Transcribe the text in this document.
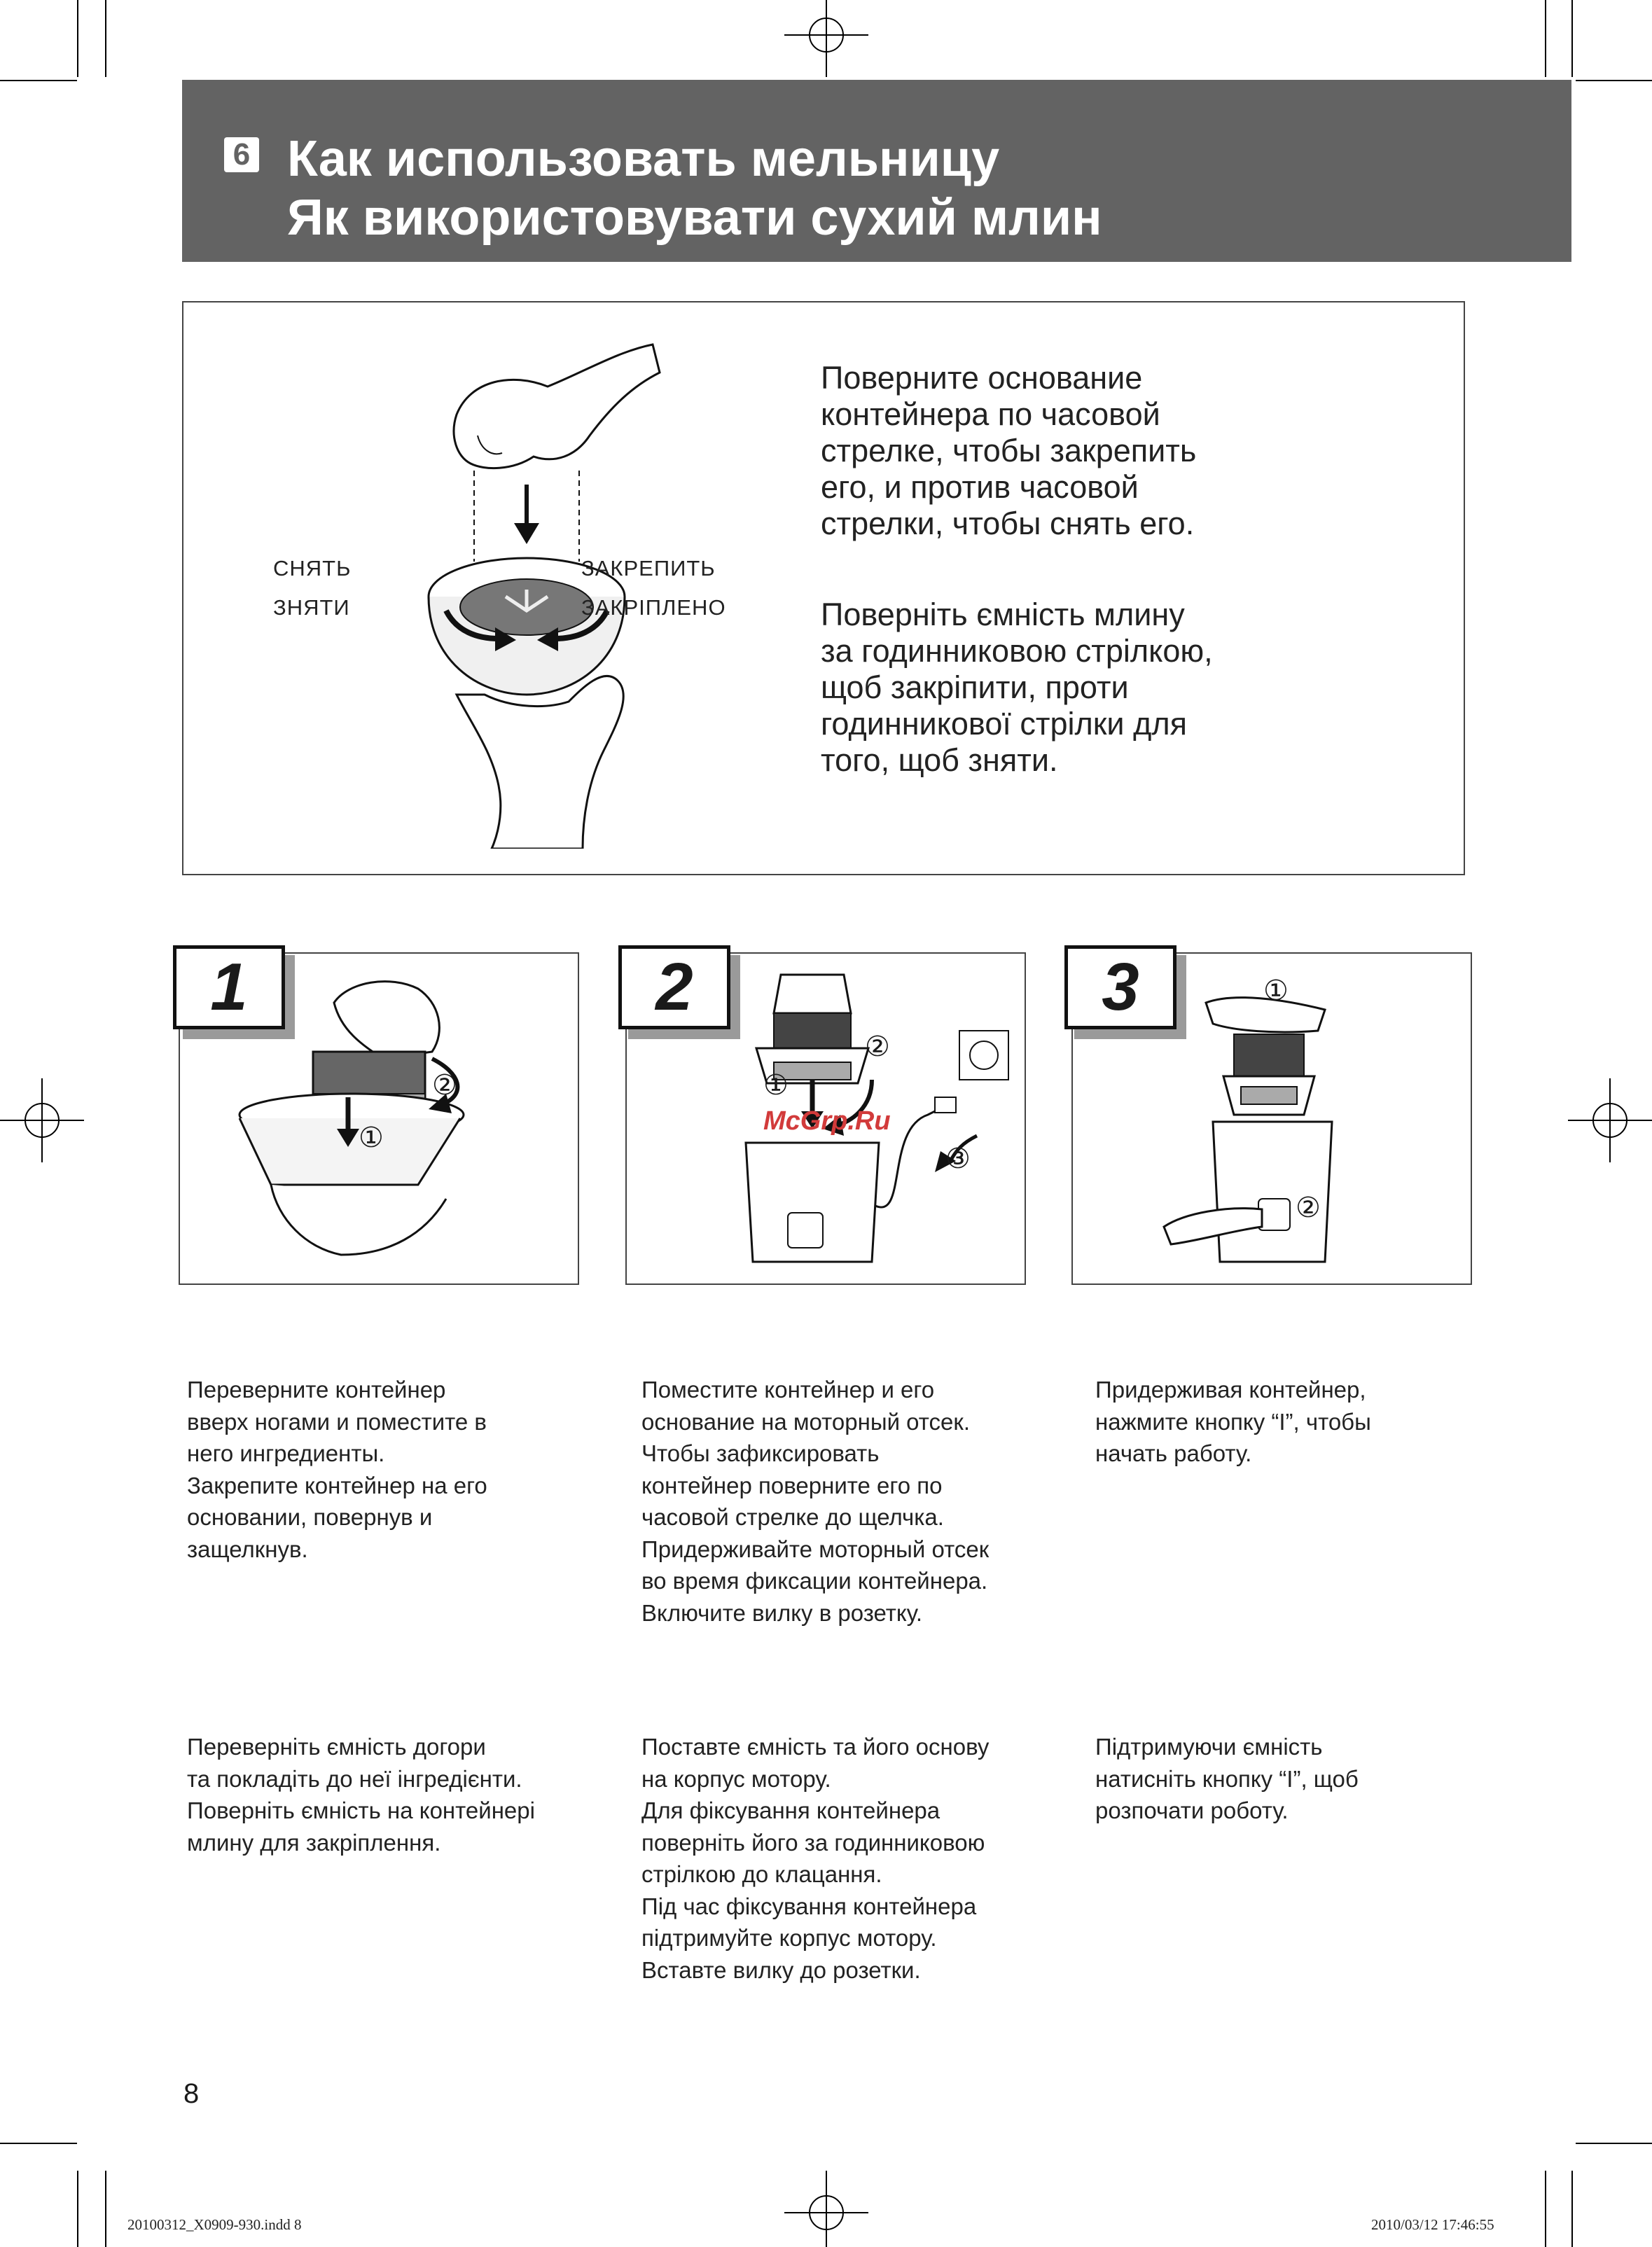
6 Как использовать мельницу
Як використовувати сухий млин
СНЯТЬ
ЗНЯТИ
ЗАКРЕПИТЬ
ЗАКРІПЛЕНО
Поверните основание
контейнера по часовой
стрелке, чтобы закрепить
его, и против часовой
стрелки, чтобы снять его.
Поверніть ємність млину
за годинниковою стрілкою,
щоб закріпити, проти
годинникової стрілки для
того, щоб зняти.
①
②
1
①
②
③
2	①
②
3
McGrp.Ru
Переверните контейнер
вверх ногами и поместите в
него ингредиенты.
Закрепите контейнер на его
основании, повернув и
защелкнув.
Поместите контейнер и его
основание на моторный отсек.
Чтобы зафиксировать
контейнер поверните его по
часовой стрелке до щелчка.
Придерживайте моторный отсек
во время фиксации контейнера.
Включите вилку в розетку.
Придерживая контейнер,
нажмите кнопку “I”, чтобы
начать работу.
Переверніть ємність догори
та покладіть до неї інгредієнти.
Поверніть ємність на контейнері
млину для закріплення.
Поставте ємність та його основу
на корпус мотору.
Для фіксування контейнера
поверніть його за годинниковою
стрілкою до клацання.
Під час фіксування контейнера
підтримуйте корпус мотору.
Вставте вилку до розетки.
Підтримуючи ємність
натисніть кнопку “I”, щоб
розпочати роботу.
8
20100312_X0909-930.indd 8	2010/03/12 17:46:55
